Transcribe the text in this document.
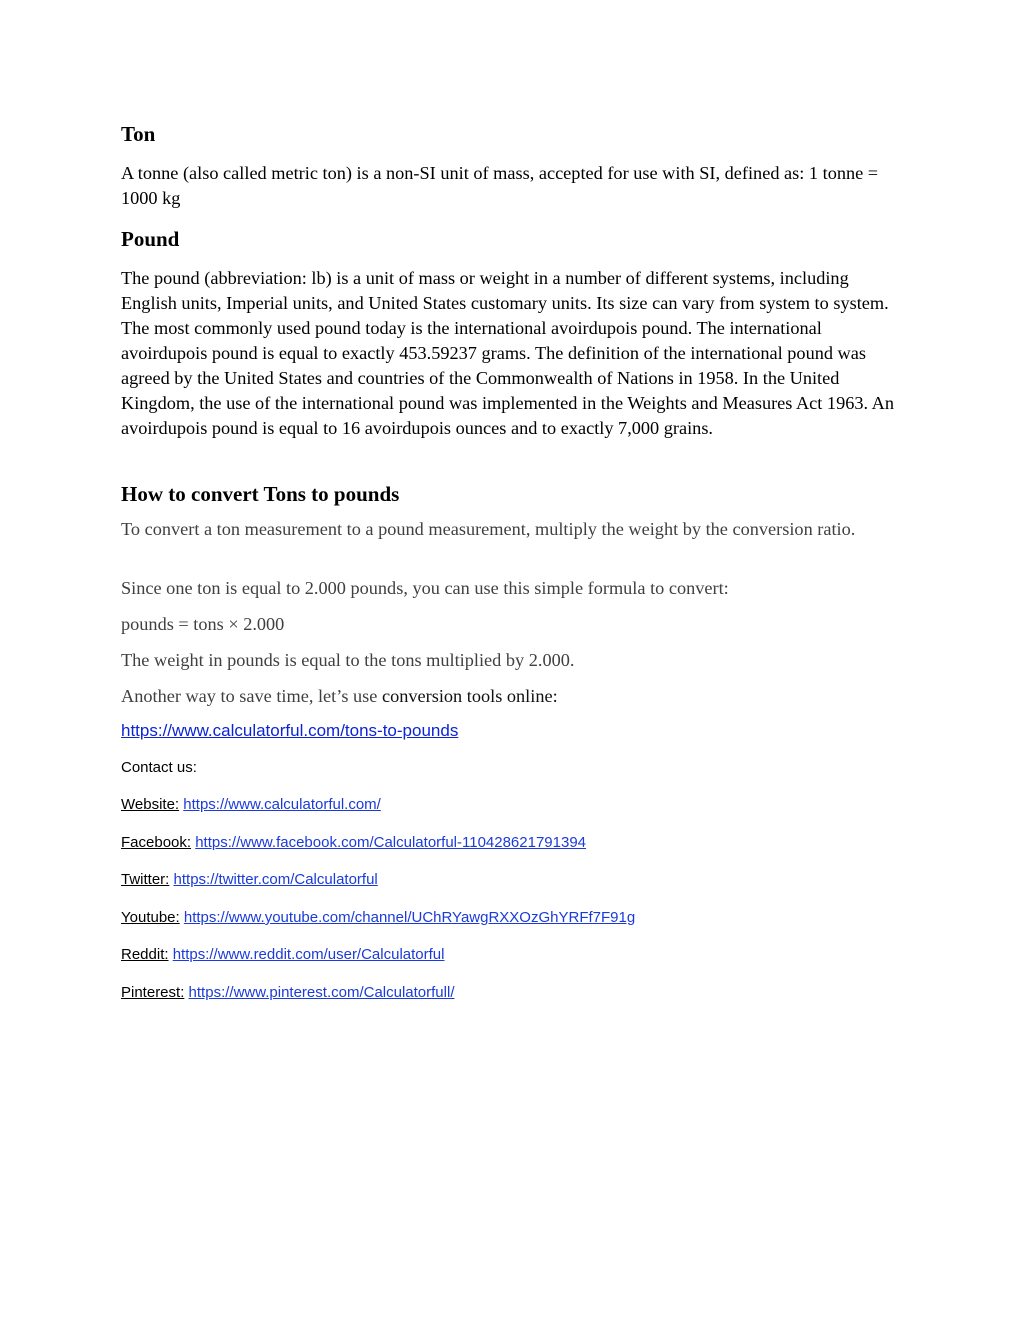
Ton

A tonne (also called metric ton) is a non-SI unit of mass, accepted for use with SI, defined as: 1 tonne = 1000 kg

Pound

The pound (abbreviation: lb) is a unit of mass or weight in a number of different systems, including English units, Imperial units, and United States customary units. Its size can vary from system to system. The most commonly used pound today is the international avoirdupois pound. The international avoirdupois pound is equal to exactly 453.59237 grams. The definition of the international pound was agreed by the United States and countries of the Commonwealth of Nations in 1958. In the United Kingdom, the use of the international pound was implemented in the Weights and Measures Act 1963. An avoirdupois pound is equal to 16 avoirdupois ounces and to exactly 7,000 grains.

How to convert Tons to pounds

To convert a ton measurement to a pound measurement, multiply the weight by the conversion ratio.

Since one ton is equal to 2.000 pounds, you can use this simple formula to convert:

pounds = tons × 2.000

The weight in pounds is equal to the tons multiplied by 2.000.

Another way to save time, let’s use conversion tools online:

https://www.calculatorful.com/tons-to-pounds
Contact us:
Website: https://www.calculatorful.com/
Facebook: https://www.facebook.com/Calculatorful-110428621791394
Twitter: https://twitter.com/Calculatorful
Youtube: https://www.youtube.com/channel/UChRYawgRXXOzGhYRFf7F91g
Reddit: https://www.reddit.com/user/Calculatorful
Pinterest: https://www.pinterest.com/Calculatorfull/
